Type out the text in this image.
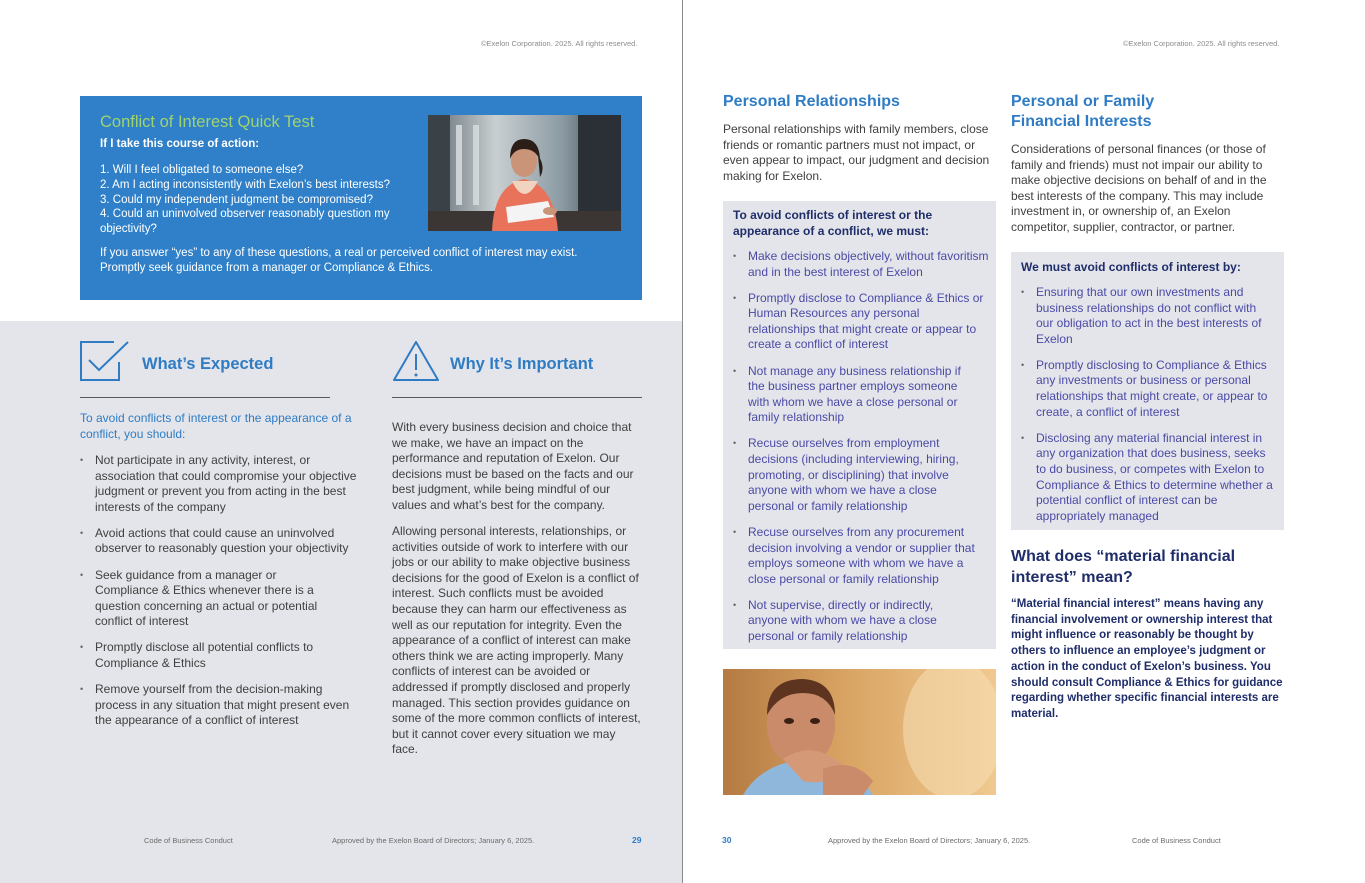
©Exelon Corporation. 2025. All rights reserved.
Conflict of Interest Quick Test
If I take this course of action:
1. Will I feel obligated to someone else?
2. Am I acting inconsistently with Exelon’s best interests?
3. Could my independent judgment be compromised?
4. Could an uninvolved observer reasonably question my objectivity?
If you answer “yes” to any of these questions, a real or perceived conflict of interest may exist. Promptly seek guidance from a manager or Compliance & Ethics.
What’s Expected
To avoid conflicts of interest or the appearance of a conflict, you should:
• Not participate in any activity, interest, or association that could compromise your objective judgment or prevent you from acting in the best interests of the company
• Avoid actions that could cause an uninvolved observer to reasonably question your objectivity
• Seek guidance from a manager or Compliance & Ethics whenever there is a question concerning an actual or potential conflict of interest
• Promptly disclose all potential conflicts to Compliance & Ethics
• Remove yourself from the decision-making process in any situation that might present even the appearance of a conflict of interest
Why It’s Important

With every business decision and choice that we make, we have an impact on the performance and reputation of Exelon. Our decisions must be based on the facts and our best judgment, while being mindful of our values and what’s best for the company.

Allowing personal interests, relationships, or activities outside of work to interfere with our jobs or our ability to make objective business decisions for the good of Exelon is a conflict of interest. Such conflicts must be avoided because they can harm our effectiveness as well as our reputation for integrity. Even the appearance of a conflict of interest can make others think we are acting improperly. Many conflicts of interest can be avoided or addressed if promptly disclosed and properly managed. This section provides guidance on some of the more common conflicts of interest, but it cannot cover every situation we may face.

Code of Business Conduct	Approved by the Exelon Board of Directors; January 6, 2025.	29
©Exelon Corporation. 2025. All rights reserved.
Personal Relationships
Personal relationships with family members, close friends or romantic partners must not impact, or even appear to impact, our judgment and decision making for Exelon.
To avoid conflicts of interest or the appearance of a conflict, we must:
• Make decisions objectively, without favoritism and in the best interest of Exelon
• Promptly disclose to Compliance & Ethics or Human Resources any personal relationships that might create or appear to create a conflict of interest
• Not manage any business relationship if the business partner employs someone with whom we have a close personal or family relationship
• Recuse ourselves from employment decisions (including interviewing, hiring, promoting, or disciplining) that involve anyone with whom we have a close personal or family relationship
• Recuse ourselves from any procurement decision involving a vendor or supplier that employs someone with whom we have a close personal or family relationship
• Not supervise, directly or indirectly, anyone with whom we have a close personal or family relationship
Personal or Family Financial Interests
Considerations of personal finances (or those of family and friends) must not impair our ability to make objective decisions on behalf of and in the best interests of the company. This may include investment in, or ownership of, an Exelon competitor, supplier, contractor, or partner.
We must avoid conflicts of interest by:
• Ensuring that our own investments and business relationships do not conflict with our obligation to act in the best interests of Exelon
• Promptly disclosing to Compliance & Ethics any investments or business or personal relationships that might create, or appear to create, a conflict of interest
• Disclosing any material financial interest in any organization that does business, seeks to do business, or competes with Exelon to Compliance & Ethics to determine whether a potential conflict of interest can be appropriately managed
What does “material financial interest” mean?
“Material financial interest” means having any financial involvement or ownership interest that might influence or reasonably be thought by others to influence an employee’s judgment or action in the conduct of Exelon’s business. You should consult Compliance & Ethics for guidance regarding whether specific financial interests are material.
30	Approved by the Exelon Board of Directors; January 6, 2025.	Code of Business Conduct
